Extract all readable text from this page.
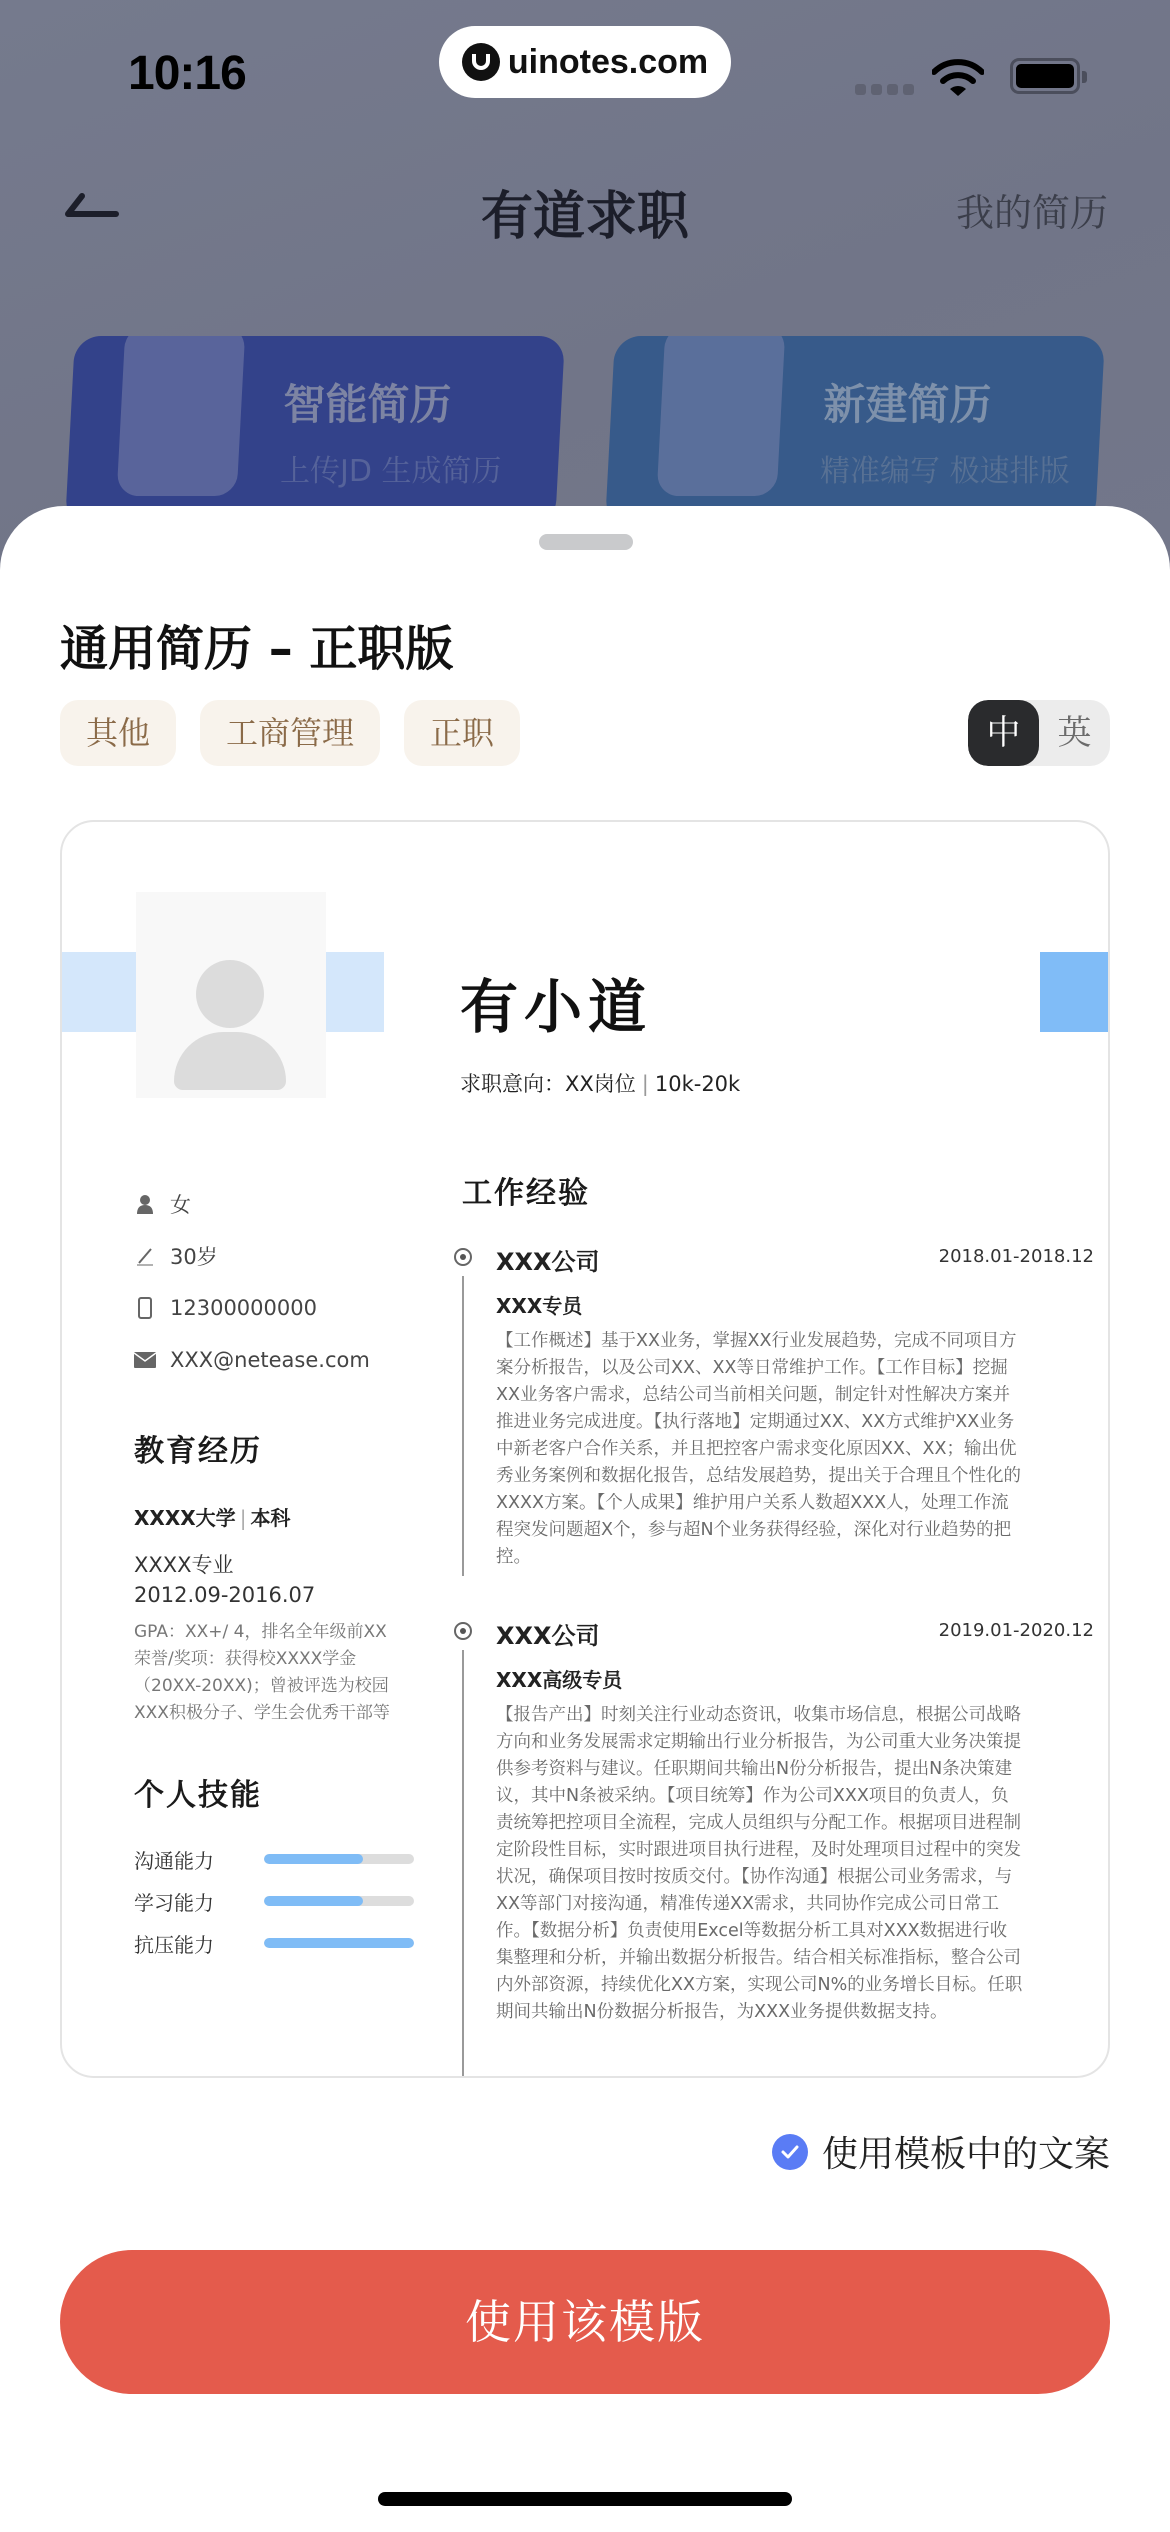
10:16	uinotes.com
有道求职	我的简历
智能简历
上传JD 生成简历
新建简历
精准编写 极速排版
通用简历 – 正职版
其他	工商管理	正职	中	英
有小道
求职意向：XX岗位 | 10k-20k
女
30岁
12300000000
XXX@netease.com
教育经历
XXXX大学 | 本科
XXXX专业
2012.09-2016.07
GPA：XX+/ 4，排名全年级前XX 荣誉/奖项：获得校XXXX学金（20XX-20XX)；曾被评选为校园XXX积极分子、学生会优秀干部等
个人技能
沟通能力
学习能力
抗压能力
工作经验
XXX公司	2018.01-2018.12
XXX专员
【工作概述】基于XX业务，掌握XX行业发展趋势，完成不同项目方案分析报告，以及公司XX、XX等日常维护工作。【工作目标】挖掘XX业务客户需求，总结公司当前相关问题，制定针对性解决方案并推进业务完成进度。【执行落地】定期通过XX、XX方式维护XX业务中新老客户合作关系，并且把控客户需求变化原因XX、XX；输出优秀业务案例和数据化报告，总结发展趋势，提出关于合理且个性化的XXXX方案。【个人成果】维护用户关系人数超XXX人，处理工作流程突发问题超X个，参与超N个业务获得经验，深化对行业趋势的把控。
XXX公司	2019.01-2020.12
XXX高级专员
【报告产出】时刻关注行业动态资讯，收集市场信息，根据公司战略方向和业务发展需求定期输出行业分析报告，为公司重大业务决策提供参考资料与建议。任职期间共输出N份分析报告，提出N条决策建议，其中N条被采纳。【项目统筹】作为公司XXX项目的负责人，负责统筹把控项目全流程，完成人员组织与分配工作。根据项目进程制定阶段性目标，实时跟进项目执行进程，及时处理项目过程中的突发状况，确保项目按时按质交付。【协作沟通】根据公司业务需求，与XX等部门对接沟通，精准传递XX需求，共同协作完成公司日常工作。【数据分析】负责使用Excel等数据分析工具对XXX数据进行收集整理和分析，并输出数据分析报告。结合相关标准指标，整合公司内外部资源，持续优化XX方案，实现公司N%的业务增长目标。任职期间共输出N份数据分析报告，为XXX业务提供数据支持。
使用模板中的文案
使用该模版
